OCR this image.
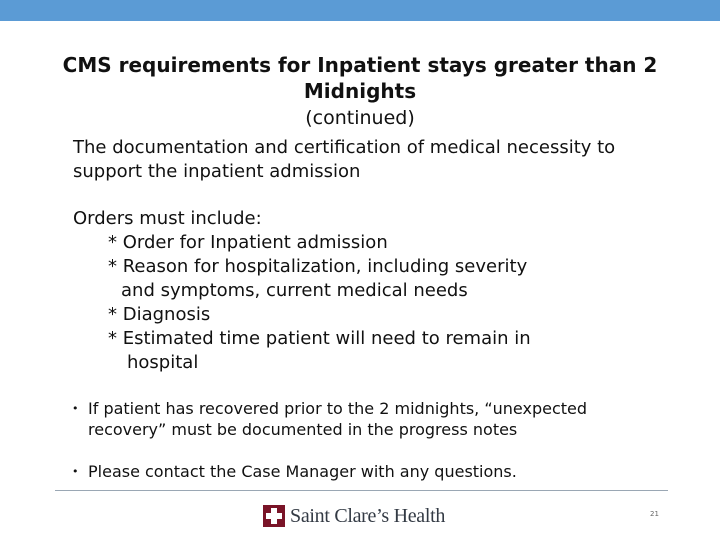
CMS requirements for Inpatient stays greater than 2
Midnights
(continued)
The documentation and certification of medical necessity to
support the inpatient admission
Orders must include:
* Order for Inpatient admission
* Reason for hospitalization, including severity
and symptoms, current medical needs
* Diagnosis
* Estimated time patient will need to remain in
hospital
• If patient has recovered prior to the 2 midnights, “unexpected
recovery” must be documented in the progress notes
• Please contact the Case Manager with any questions.
Saint Clare’s Health	21
